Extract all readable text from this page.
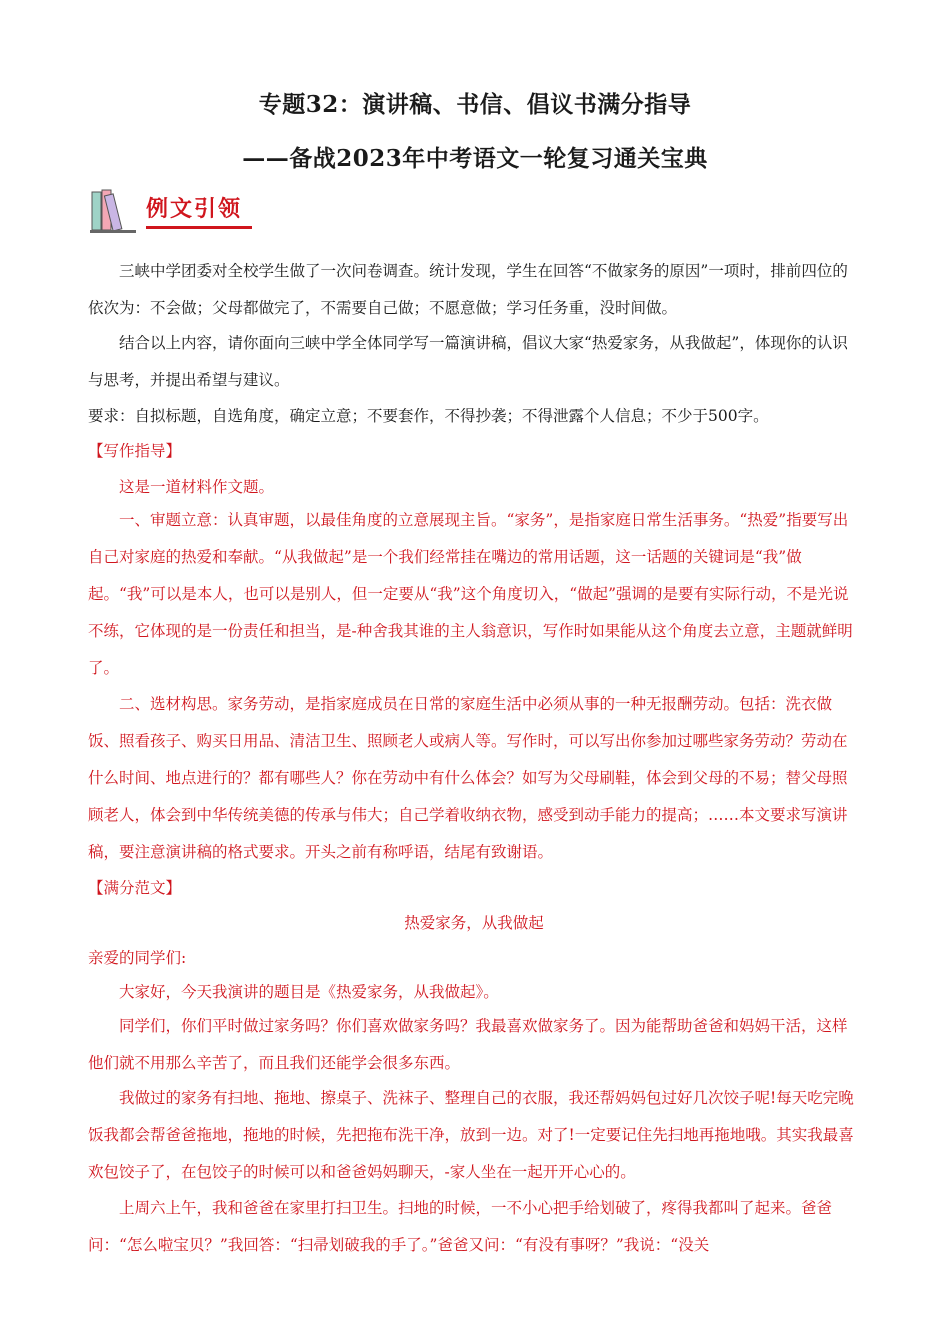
专题32：演讲稿、书信、倡议书满分指导
——备战2023年中考语文一轮复习通关宝典
例文引领

三峡中学团委对全校学生做了一次问卷调查。统计发现，学生在回答“不做家务的原因”一项时，排前四位的依次为：不会做；父母都做完了，不需要自己做；不愿意做；学习任务重，没时间做。

结合以上内容，请你面向三峡中学全体同学写一篇演讲稿，倡议大家“热爱家务，从我做起”，体现你的认识与思考，并提出希望与建议。

要求：自拟标题，自选角度，确定立意；不要套作，不得抄袭；不得泄露个人信息；不少于500字。

【写作指导】

这是一道材料作文题。

一、审题立意：认真审题，以最佳角度的立意展现主旨。“家务”，是指家庭日常生活事务。“热爱”指要写出自己对家庭的热爱和奉献。“从我做起”是一个我们经常挂在嘴边的常用话题，这一话题的关键词是“我”做起。“我”可以是本人，也可以是别人，但一定要从“我”这个角度切入，“做起”强调的是要有实际行动，不是光说不练，它体现的是一份责任和担当，是-种舍我其谁的主人翁意识，写作时如果能从这个角度去立意，主题就鲜明了。

二、选材构思。家务劳动，是指家庭成员在日常的家庭生活中必须从事的一种无报酬劳动。包括：洗衣做饭、照看孩子、购买日用品、清洁卫生、照顾老人或病人等。写作时，可以写出你参加过哪些家务劳动？劳动在什么时间、地点进行的？都有哪些人？你在劳动中有什么体会？如写为父母刷鞋，体会到父母的不易；替父母照顾老人，体会到中华传统美德的传承与伟大；自己学着收纳衣物，感受到动手能力的提高；……本文要求写演讲稿，要注意演讲稿的格式要求。开头之前有称呼语，结尾有致谢语。

【满分范文】

热爱家务，从我做起

亲爱的同学们:

大家好，今天我演讲的题目是《热爱家务，从我做起》。

同学们，你们平时做过家务吗？你们喜欢做家务吗？我最喜欢做家务了。因为能帮助爸爸和妈妈干活，这样他们就不用那么辛苦了，而且我们还能学会很多东西。

我做过的家务有扫地、拖地、擦桌子、洗袜子、整理自己的衣服，我还帮妈妈包过好几次饺子呢!每天吃完晚饭我都会帮爸爸拖地，拖地的时候，先把拖布洗干净，放到一边。对了!一定要记住先扫地再拖地哦。其实我最喜欢包饺子了，在包饺子的时候可以和爸爸妈妈聊天，-家人坐在一起开开心心的。

上周六上午，我和爸爸在家里打扫卫生。扫地的时候，一不小心把手给划破了，疼得我都叫了起来。爸爸问：“怎么啦宝贝？”我回答：“扫帚划破我的手了。”爸爸又问：“有没有事呀？”我说：“没关
